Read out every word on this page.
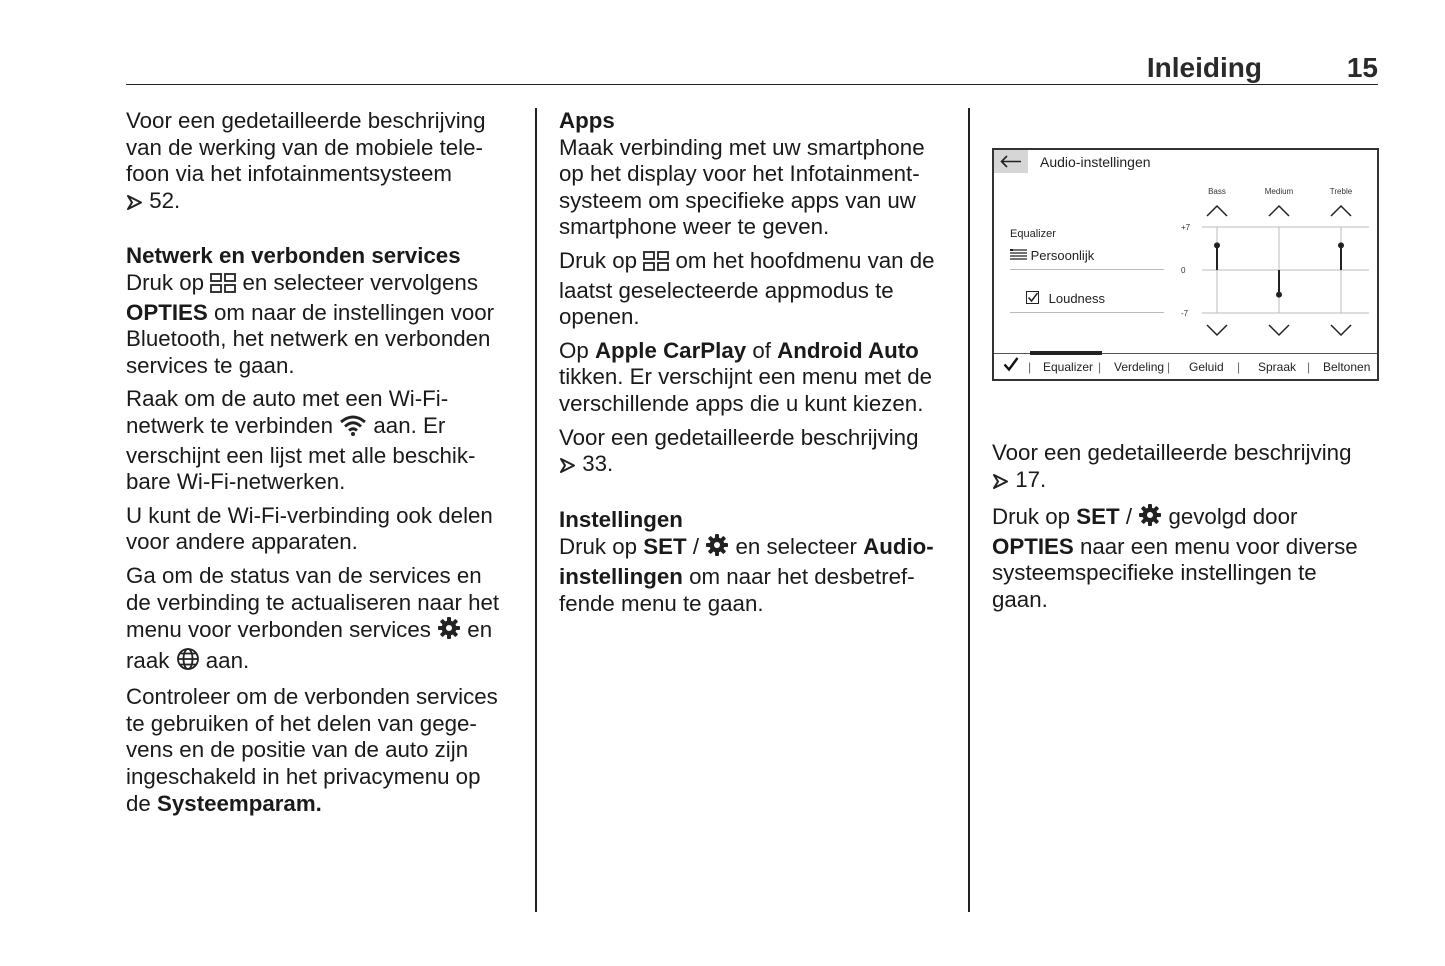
Inleiding	15

Voor een gedetailleerde beschrijving
van de werking van de mobiele tele-
foon via het infotainmentsysteem
52.

Netwerk en verbonden services

Druk op en selecteer vervolgens
OPTIES om naar de instellingen voor
Bluetooth, het netwerk en verbonden
services te gaan.

Raak om de auto met een Wi-Fi-
netwerk te verbinden aan. Er
verschijnt een lijst met alle beschik-
bare Wi-Fi-netwerken.

U kunt de Wi-Fi-verbinding ook delen
voor andere apparaten.

Ga om de status van de services en
de verbinding te actualiseren naar het
menu voor verbonden services en
raak aan.

Controleer om de verbonden services
te gebruiken of het delen van gege-
vens en de positie van de auto zijn
ingeschakeld in het privacymenu op
de Systeemparam.

Apps

Maak verbinding met uw smartphone
op het display voor het Infotainment-
systeem om specifieke apps van uw
smartphone weer te geven.

Druk op om het hoofdmenu van de
laatst geselecteerde appmodus te
openen.

Op Apple CarPlay of Android Auto
tikken. Er verschijnt een menu met de
verschillende apps die u kunt kiezen.

Voor een gedetailleerde beschrijving
33.

Instellingen

Druk op SET / en selecteer Audio-
instellingen om naar het desbetref-
fende menu te gaan.

Audio-instellingen
Equalizer
Persoonlijk
Loudness
+7
0
-7
Bass	Medium	Treble
| Equalizer | Verdeling | Geluid | Spraak | Beltonen

Voor een gedetailleerde beschrijving
17.

Druk op SET / gevolgd door
OPTIES naar een menu voor diverse
systeemspecifieke instellingen te
gaan.
